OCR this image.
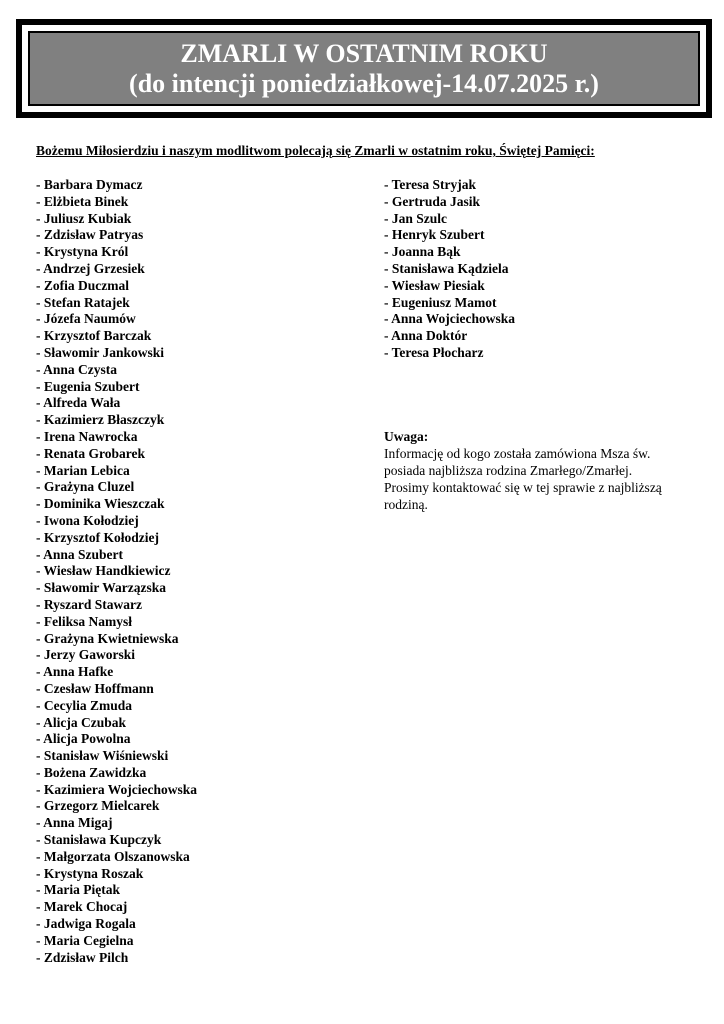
ZMARLI W OSTATNIM ROKU
(do intencji poniedziałkowej-14.07.2025 r.)
Bożemu Miłosierdziu i naszym modlitwom polecają się Zmarli w ostatnim roku, Świętej Pamięci:
- Barbara Dymacz
- Elżbieta Binek
- Juliusz Kubiak
- Zdzisław Patryas
- Krystyna Król
- Andrzej Grzesiek
- Zofia Duczmal
- Stefan Ratajek
- Józefa Naumów
- Krzysztof Barczak
- Sławomir Jankowski
- Anna Czysta
- Eugenia Szubert
- Alfreda Wała
- Kazimierz Błaszczyk
- Irena Nawrocka
- Renata Grobarek
- Marian Lebica
- Grażyna Cluzel
- Dominika Wieszczak
- Iwona Kołodziej
- Krzysztof Kołodziej
- Anna Szubert
- Wiesław Handkiewicz
- Sławomir Warzązska
- Ryszard Stawarz
- Feliksa Namysł
- Grażyna Kwietniewska
- Jerzy Gaworski
- Anna Hafke
- Czesław Hoffmann
- Cecylia Zmuda
- Alicja Czubak
- Alicja Powolna
- Stanisław Wiśniewski
- Bożena Zawidzka
- Kazimiera Wojciechowska
- Grzegorz Mielcarek
- Anna Migaj
- Stanisława Kupczyk
- Małgorzata Olszanowska
- Krystyna Roszak
- Maria Piętak
- Marek Chocaj
- Jadwiga Rogala
- Maria Cegielna
- Zdzisław Pilch
- Teresa Stryjak
- Gertruda Jasik
- Jan Szulc
- Henryk Szubert
- Joanna Bąk
- Stanisława Kądziela
- Wiesław Piesiak
- Eugeniusz Mamot
- Anna Wojciechowska
- Anna Doktór
- Teresa Płocharz
Uwaga:
Informację od kogo została zamówiona Msza św.
posiada najbliższa rodzina Zmarłego/Zmarłej.
Prosimy kontaktować się w tej sprawie z najbliższą
rodziną.
